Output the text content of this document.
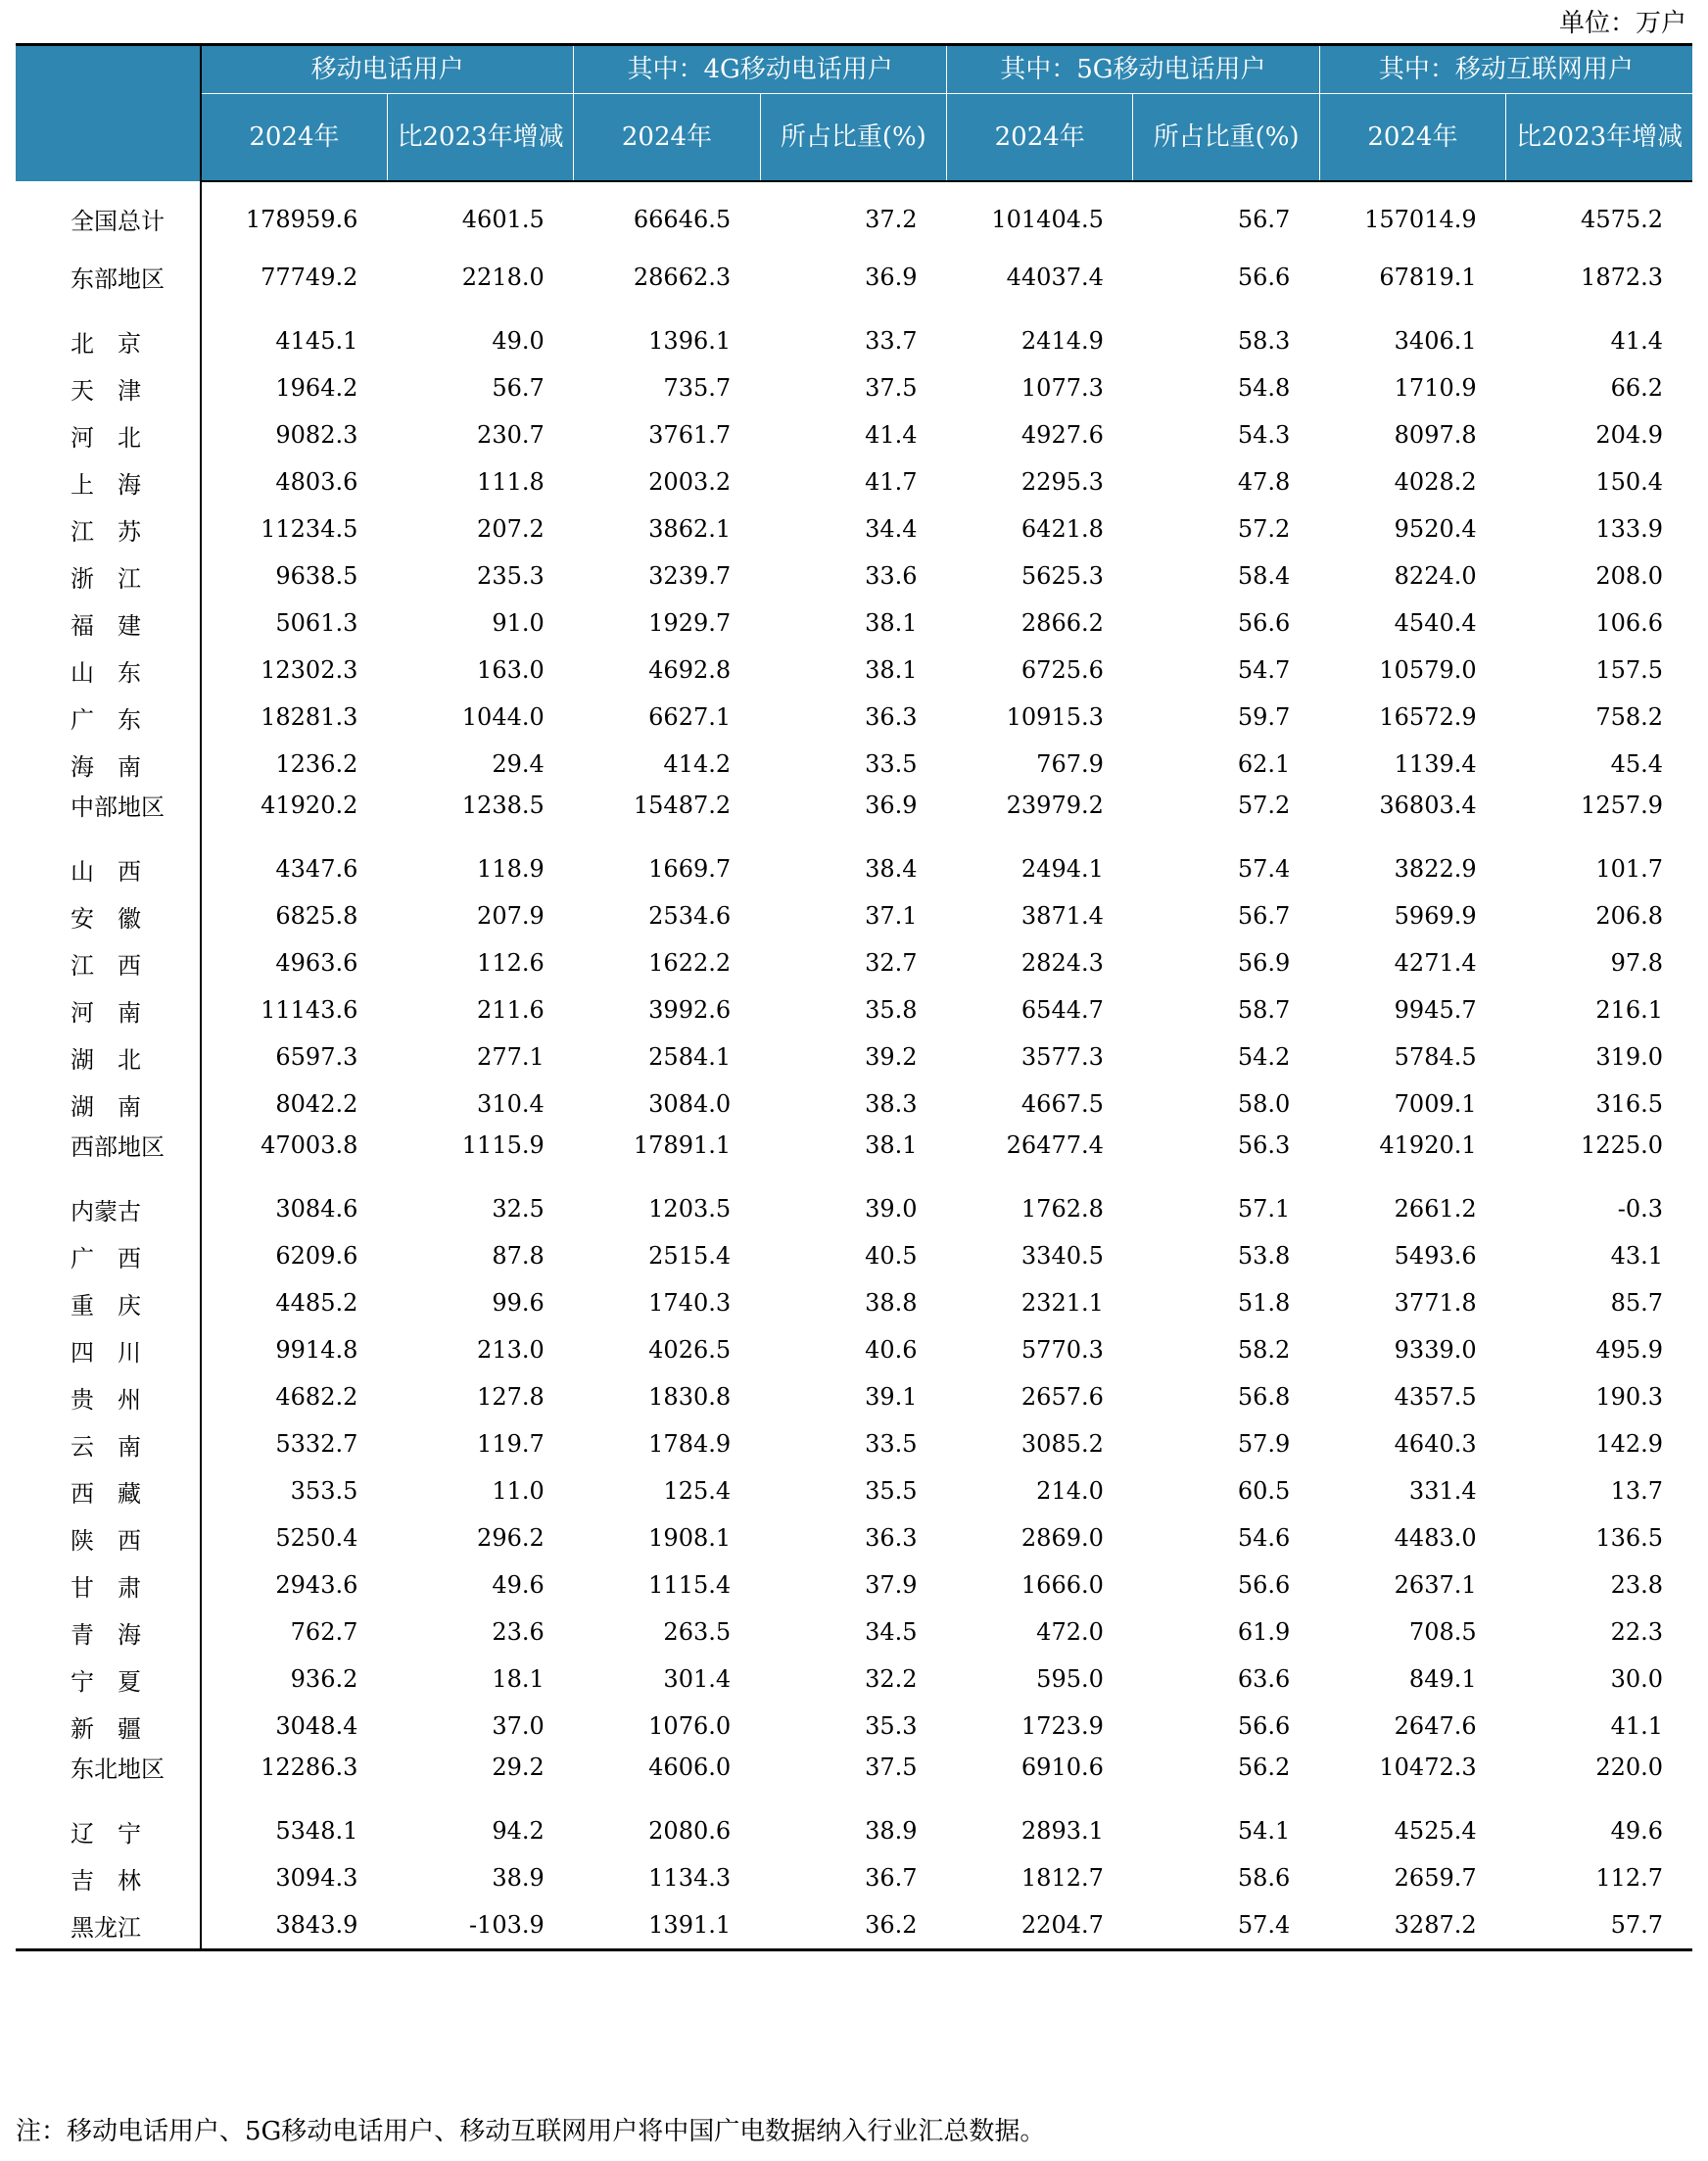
单位：万户
	移动电话用户		其中：4G移动电话用户		其中：5G移动电话用户		其中：移动互联网用户	
	2024年	比2023年增减	2024年	所占比重(%)	2024年	所占比重(%)	2024年	比2023年增减

全国总计	178959.6	4601.5	66646.5	37.2	101404.5	56.7	157014.9	4575.2

东部地区	77749.2	2218.0	28662.3	36.9	44037.4	56.6	67819.1	1872.3

北　京	4145.1	49.0	1396.1	33.7	2414.9	58.3	3406.1	41.4
天　津	1964.2	56.7	735.7	37.5	1077.3	54.8	1710.9	66.2
河　北	9082.3	230.7	3761.7	41.4	4927.6	54.3	8097.8	204.9
上　海	4803.6	111.8	2003.2	41.7	2295.3	47.8	4028.2	150.4
江　苏	11234.5	207.2	3862.1	34.4	6421.8	57.2	9520.4	133.9
浙　江	9638.5	235.3	3239.7	33.6	5625.3	58.4	8224.0	208.0
福　建	5061.3	91.0	1929.7	38.1	2866.2	56.6	4540.4	106.6
山　东	12302.3	163.0	4692.8	38.1	6725.6	54.7	10579.0	157.5
广　东	18281.3	1044.0	6627.1	36.3	10915.3	59.7	16572.9	758.2
海　南	1236.2	29.4	414.2	33.5	767.9	62.1	1139.4	45.4
中部地区	41920.2	1238.5	15487.2	36.9	23979.2	57.2	36803.4	1257.9

山　西	4347.6	118.9	1669.7	38.4	2494.1	57.4	3822.9	101.7
安　徽	6825.8	207.9	2534.6	37.1	3871.4	56.7	5969.9	206.8
江　西	4963.6	112.6	1622.2	32.7	2824.3	56.9	4271.4	97.8
河　南	11143.6	211.6	3992.6	35.8	6544.7	58.7	9945.7	216.1
湖　北	6597.3	277.1	2584.1	39.2	3577.3	54.2	5784.5	319.0
湖　南	8042.2	310.4	3084.0	38.3	4667.5	58.0	7009.1	316.5
西部地区	47003.8	1115.9	17891.1	38.1	26477.4	56.3	41920.1	1225.0

内蒙古	3084.6	32.5	1203.5	39.0	1762.8	57.1	2661.2	-0.3
广　西	6209.6	87.8	2515.4	40.5	3340.5	53.8	5493.6	43.1
重　庆	4485.2	99.6	1740.3	38.8	2321.1	51.8	3771.8	85.7
四　川	9914.8	213.0	4026.5	40.6	5770.3	58.2	9339.0	495.9
贵　州	4682.2	127.8	1830.8	39.1	2657.6	56.8	4357.5	190.3
云　南	5332.7	119.7	1784.9	33.5	3085.2	57.9	4640.3	142.9
西　藏	353.5	11.0	125.4	35.5	214.0	60.5	331.4	13.7
陕　西	5250.4	296.2	1908.1	36.3	2869.0	54.6	4483.0	136.5
甘　肃	2943.6	49.6	1115.4	37.9	1666.0	56.6	2637.1	23.8
青　海	762.7	23.6	263.5	34.5	472.0	61.9	708.5	22.3
宁　夏	936.2	18.1	301.4	32.2	595.0	63.6	849.1	30.0
新　疆	3048.4	37.0	1076.0	35.3	1723.9	56.6	2647.6	41.1
东北地区	12286.3	29.2	4606.0	37.5	6910.6	56.2	10472.3	220.0

辽　宁	5348.1	94.2	2080.6	38.9	2893.1	54.1	4525.4	49.6
吉　林	3094.3	38.9	1134.3	36.7	1812.7	58.6	2659.7	112.7
黑龙江	3843.9	-103.9	1391.1	36.2	2204.7	57.4	3287.2	57.7
注：移动电话用户、5G移动电话用户、移动互联网用户将中国广电数据纳入行业汇总数据。
